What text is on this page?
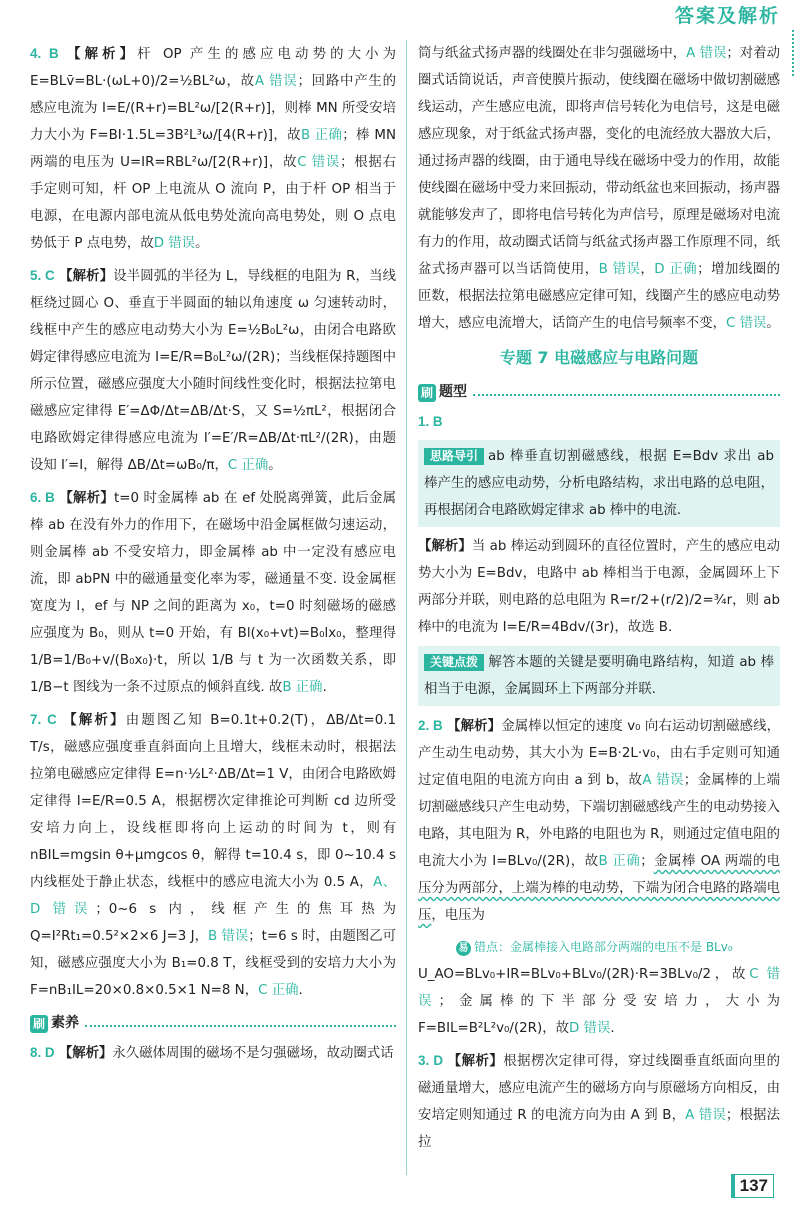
答案及解析

4. B 【解析】杆 OP 产生的感应电动势的大小为 E=BLv̄=BL·(ωL+0)/2=½BL²ω，故A 错误；回路中产生的感应电流为 I=E/(R+r)=BL²ω/[2(R+r)]，则棒 MN 所受安培力大小为 F=BI·1.5L=3B²L³ω/[4(R+r)]，故B 正确；棒 MN 两端的电压为 U=IR=RBL²ω/[2(R+r)]，故C 错误；根据右手定则可知，杆 OP 上电流从 O 流向 P，由于杆 OP 相当于电源，在电源内部电流从低电势处流向高电势处，则 O 点电势低于 P 点电势，故D 错误。

5. C 【解析】设半圆弧的半径为 L，导线框的电阻为 R，当线框绕过圆心 O、垂直于半圆面的轴以角速度 ω 匀速转动时，线框中产生的感应电动势大小为 E=½B₀L²ω，由闭合电路欧姆定律得感应电流为 I=E/R=B₀L²ω/(2R)；当线框保持题图中所示位置，磁感应强度大小随时间线性变化时，根据法拉第电磁感应定律得 E′=ΔΦ/Δt=ΔB/Δt·S，又 S=½πL²，根据闭合电路欧姆定律得感应电流为 I′=E′/R=ΔB/Δt·πL²/(2R)，由题设知 I′=I，解得 ΔB/Δt=ωB₀/π，C 正确。

6. B 【解析】t=0 时金属棒 ab 在 ef 处脱离弹簧，此后金属棒 ab 在没有外力的作用下，在磁场中沿金属框做匀速运动，则金属棒 ab 不受安培力，即金属棒 ab 中一定没有感应电流，即 abPN 中的磁通量变化率为零，磁通量不变. 设金属框宽度为 l，ef 与 NP 之间的距离为 x₀，t=0 时刻磁场的磁感应强度为 B₀，则从 t=0 开始，有 Bl(x₀+vt)=B₀lx₀，整理得 1/B=1/B₀+v/(B₀x₀)·t，所以 1/B 与 t 为一次函数关系，即 1/B−t 图线为一条不过原点的倾斜直线. 故B 正确.

7. C 【解析】由题图乙知 B=0.1t+0.2(T)，ΔB/Δt=0.1 T/s，磁感应强度垂直斜面向上且增大，线框未动时，根据法拉第电磁感应定律得 E=n·½L²·ΔB/Δt=1 V，由闭合电路欧姆定律得 I=E/R=0.5 A，根据楞次定律推论可判断 cd 边所受安培力向上，设线框即将向上运动的时间为 t，则有 nBIL=mgsin θ+μmgcos θ，解得 t=10.4 s，即 0~10.4 s 内线框处于静止状态，线框中的感应电流大小为 0.5 A，A、D 错误；0~6 s 内，线框产生的焦耳热为 Q=I²Rt₁=0.5²×2×6 J=3 J，B 错误；t=6 s 时，由题图乙可知，磁感应强度大小为 B₁=0.8 T，线框受到的安培力大小为 F=nB₁IL=20×0.8×0.5×1 N=8 N，C 正确.

刷 素养

8. D 【解析】永久磁体周围的磁场不是匀强磁场，故动圈式话

筒与纸盆式扬声器的线圈处在非匀强磁场中，A 错误；对着动圈式话筒说话，声音使膜片振动，使线圈在磁场中做切割磁感线运动，产生感应电流，即将声信号转化为电信号，这是电磁感应现象，对于纸盆式扬声器，变化的电流经放大器放大后，通过扬声器的线圈，由于通电导线在磁场中受力的作用，故能使线圈在磁场中受力来回振动，带动纸盆也来回振动，扬声器就能够发声了，即将电信号转化为声信号，原理是磁场对电流有力的作用，故动圈式话筒与纸盆式扬声器工作原理不同，纸盆式扬声器可以当话筒使用，B 错误，D 正确；增加线圈的匝数，根据法拉第电磁感应定律可知，线圈产生的感应电动势增大，感应电流增大，话筒产生的电信号频率不变，C 错误。

专题 7 电磁感应与电路问题
刷 题型

1. B

思路导引 ab 棒垂直切割磁感线，根据 E=Bdv 求出 ab 棒产生的感应电动势，分析电路结构，求出电路的总电阻，再根据闭合电路欧姆定律求 ab 棒中的电流.

【解析】当 ab 棒运动到圆环的直径位置时，产生的感应电动势大小为 E=Bdv，电路中 ab 棒相当于电源，金属圆环上下两部分并联，则电路的总电阻为 R=r/2+(r/2)/2=¾r，则 ab 棒中的电流为 I=E/R=4Bdv/(3r)，故选 B.

关键点拨 解答本题的关键是要明确电路结构，知道 ab 棒相当于电源，金属圆环上下两部分并联.

2. B 【解析】金属棒以恒定的速度 v₀ 向右运动切割磁感线，产生动生电动势，其大小为 E=B·2L·v₀，由右手定则可知通过定值电阻的电流方向由 a 到 b，故A 错误；金属棒的上端切割磁感线只产生电动势，下端切割磁感线产生的电动势接入电路，其电阻为 R，外电路的电阻也为 R，则通过定值电阻的电流大小为 I=BLv₀/(2R)，故B 正确；金属棒 OA 两端的电压分为两部分，上端为棒的电动势，下端为闭合电路的路端电压，电压为

易 错点：金属棒接入电路部分两端的电压不是 BLv₀

U_AO=BLv₀+IR=BLv₀+BLv₀/(2R)·R=3BLv₀/2，故C 错误；金属棒的下半部分受安培力，大小为 F=BIL=B²L²v₀/(2R)，故D 错误.

3. D 【解析】根据楞次定律可得，穿过线圈垂直纸面向里的磁通量增大，感应电流产生的磁场方向与原磁场方向相反，由安培定则知通过 R 的电流方向为由 A 到 B，A 错误；根据法拉

137
